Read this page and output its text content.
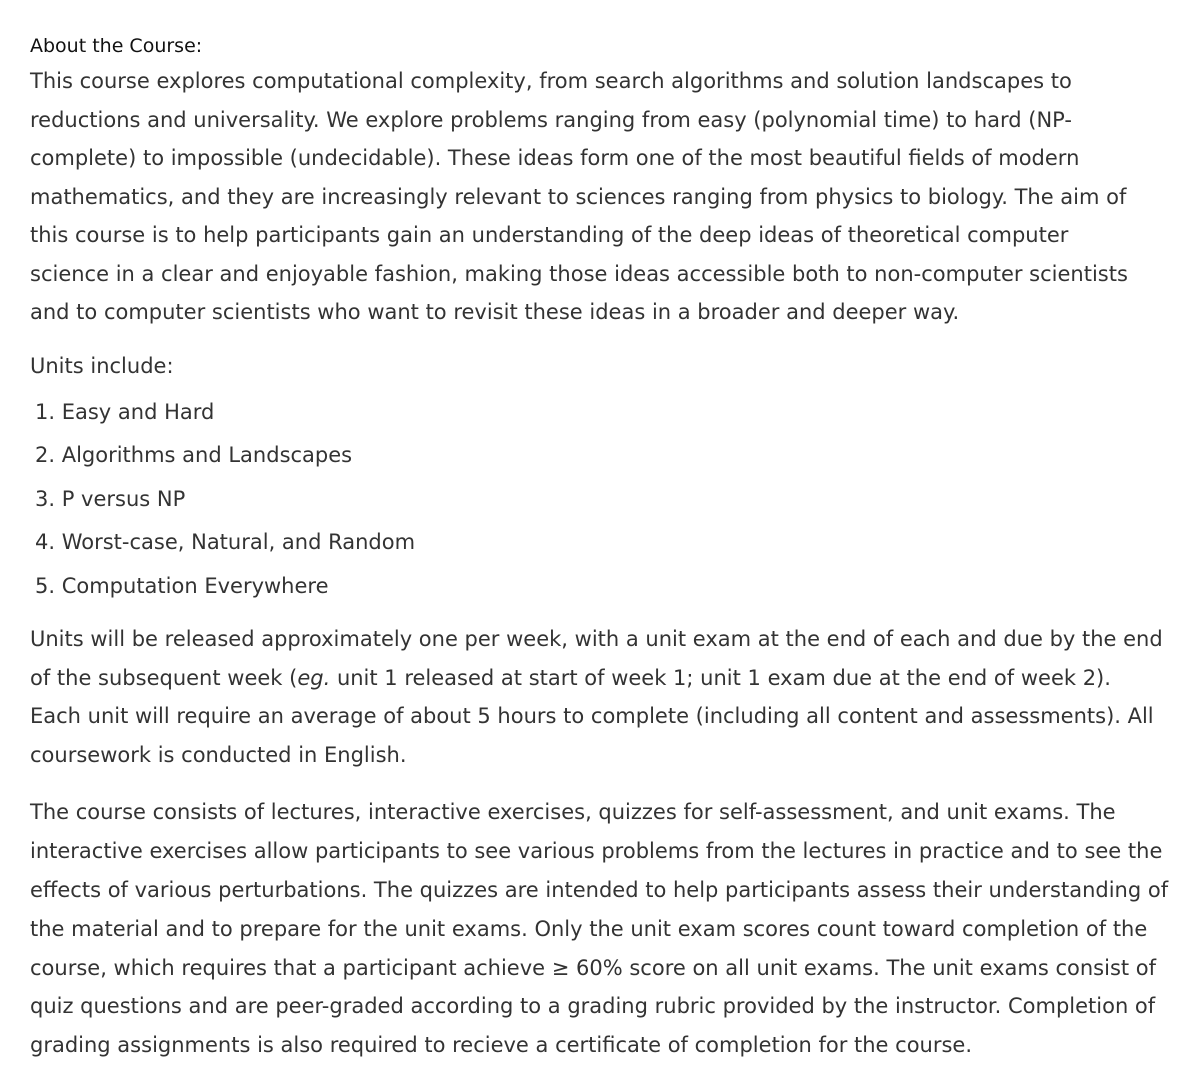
About the Course:

This course explores computational complexity, from search algorithms and solution landscapes to reductions and universality. We explore problems ranging from easy (polynomial time) to hard (NP-complete) to impossible (undecidable). These ideas form one of the most beautiful fields of modern mathematics, and they are increasingly relevant to sciences ranging from physics to biology. The aim of this course is to help participants gain an understanding of the deep ideas of theoretical computer science in a clear and enjoyable fashion, making those ideas accessible both to non-computer scientists and to computer scientists who want to revisit these ideas in a broader and deeper way.

Units include:

1. Easy and Hard
2. Algorithms and Landscapes
3. P versus NP
4. Worst-case, Natural, and Random
5. Computation Everywhere

Units will be released approximately one per week, with a unit exam at the end of each and due by the end of the subsequent week (eg. unit 1 released at start of week 1; unit 1 exam due at the end of week 2). Each unit will require an average of about 5 hours to complete (including all content and assessments). All coursework is conducted in English.

The course consists of lectures, interactive exercises, quizzes for self-assessment, and unit exams. The interactive exercises allow participants to see various problems from the lectures in practice and to see the effects of various perturbations. The quizzes are intended to help participants assess their understanding of the material and to prepare for the unit exams. Only the unit exam scores count toward completion of the course, which requires that a participant achieve ≥ 60% score on all unit exams. The unit exams consist of quiz questions and are peer-graded according to a grading rubric provided by the instructor. Completion of grading assignments is also required to recieve a certificate of completion for the course.
